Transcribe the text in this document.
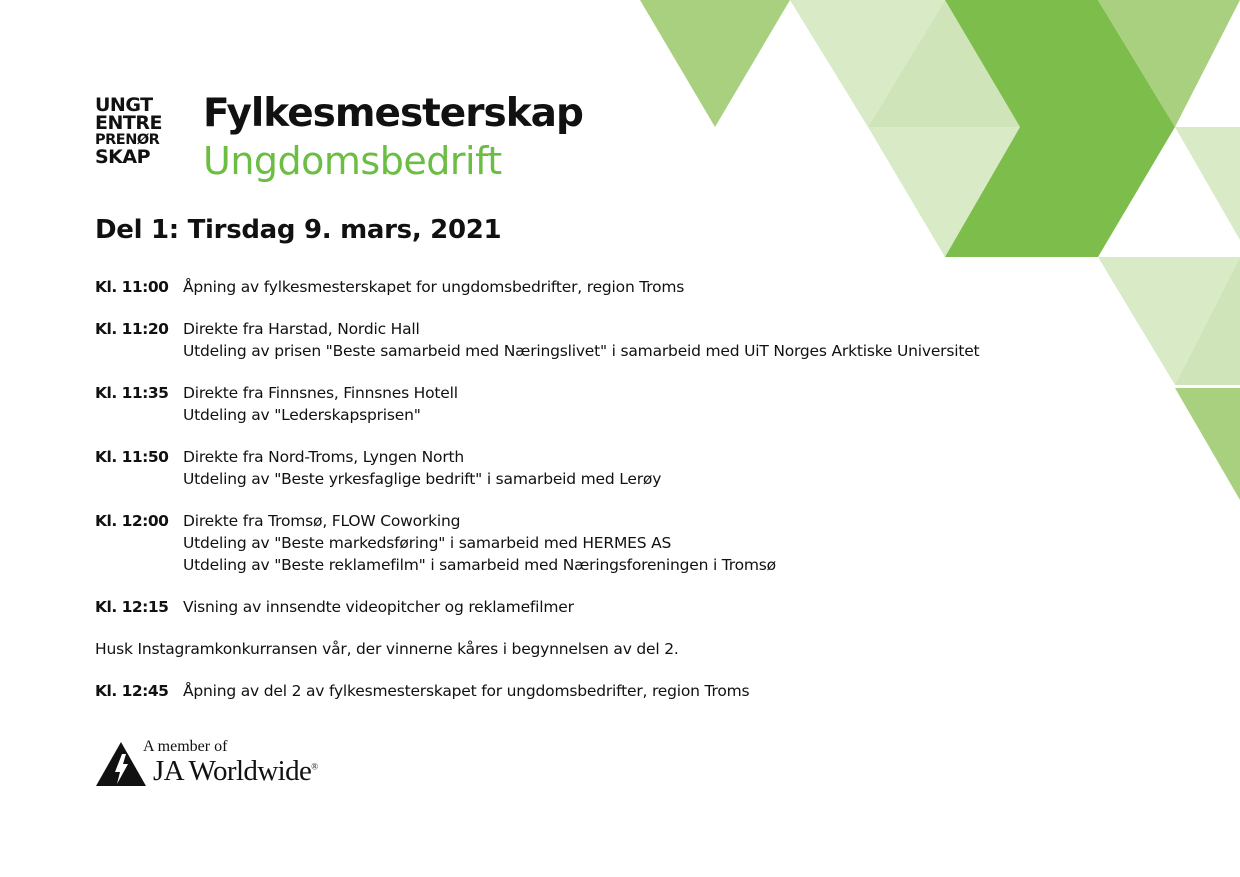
UNGT
ENTRE
PRENØR
SKAP
Fylkesmesterskap
Ungdomsbedrift
Del 1: Tirsdag 9. mars, 2021
Kl. 11:00 Åpning av fylkesmesterskapet for ungdomsbedrifter, region Troms
Kl. 11:20 Direkte fra Harstad, Nordic Hall
Utdeling av prisen "Beste samarbeid med Næringslivet" i samarbeid med UiT Norges Arktiske Universitet
Kl. 11:35 Direkte fra Finnsnes, Finnsnes Hotell
Utdeling av "Lederskapsprisen"
Kl. 11:50 Direkte fra Nord-Troms, Lyngen North
Utdeling av "Beste yrkesfaglige bedrift" i samarbeid med Lerøy
Kl. 12:00 Direkte fra Tromsø, FLOW Coworking
Utdeling av "Beste markedsføring" i samarbeid med HERMES AS
Utdeling av "Beste reklamefilm" i samarbeid med Næringsforeningen i Tromsø
Kl. 12:15 Visning av innsendte videopitcher og reklamefilmer
Husk Instagramkonkurransen vår, der vinnerne kåres i begynnelsen av del 2.
Kl. 12:45 Åpning av del 2 av fylkesmesterskapet for ungdomsbedrifter, region Troms
A member of
JA Worldwide®
